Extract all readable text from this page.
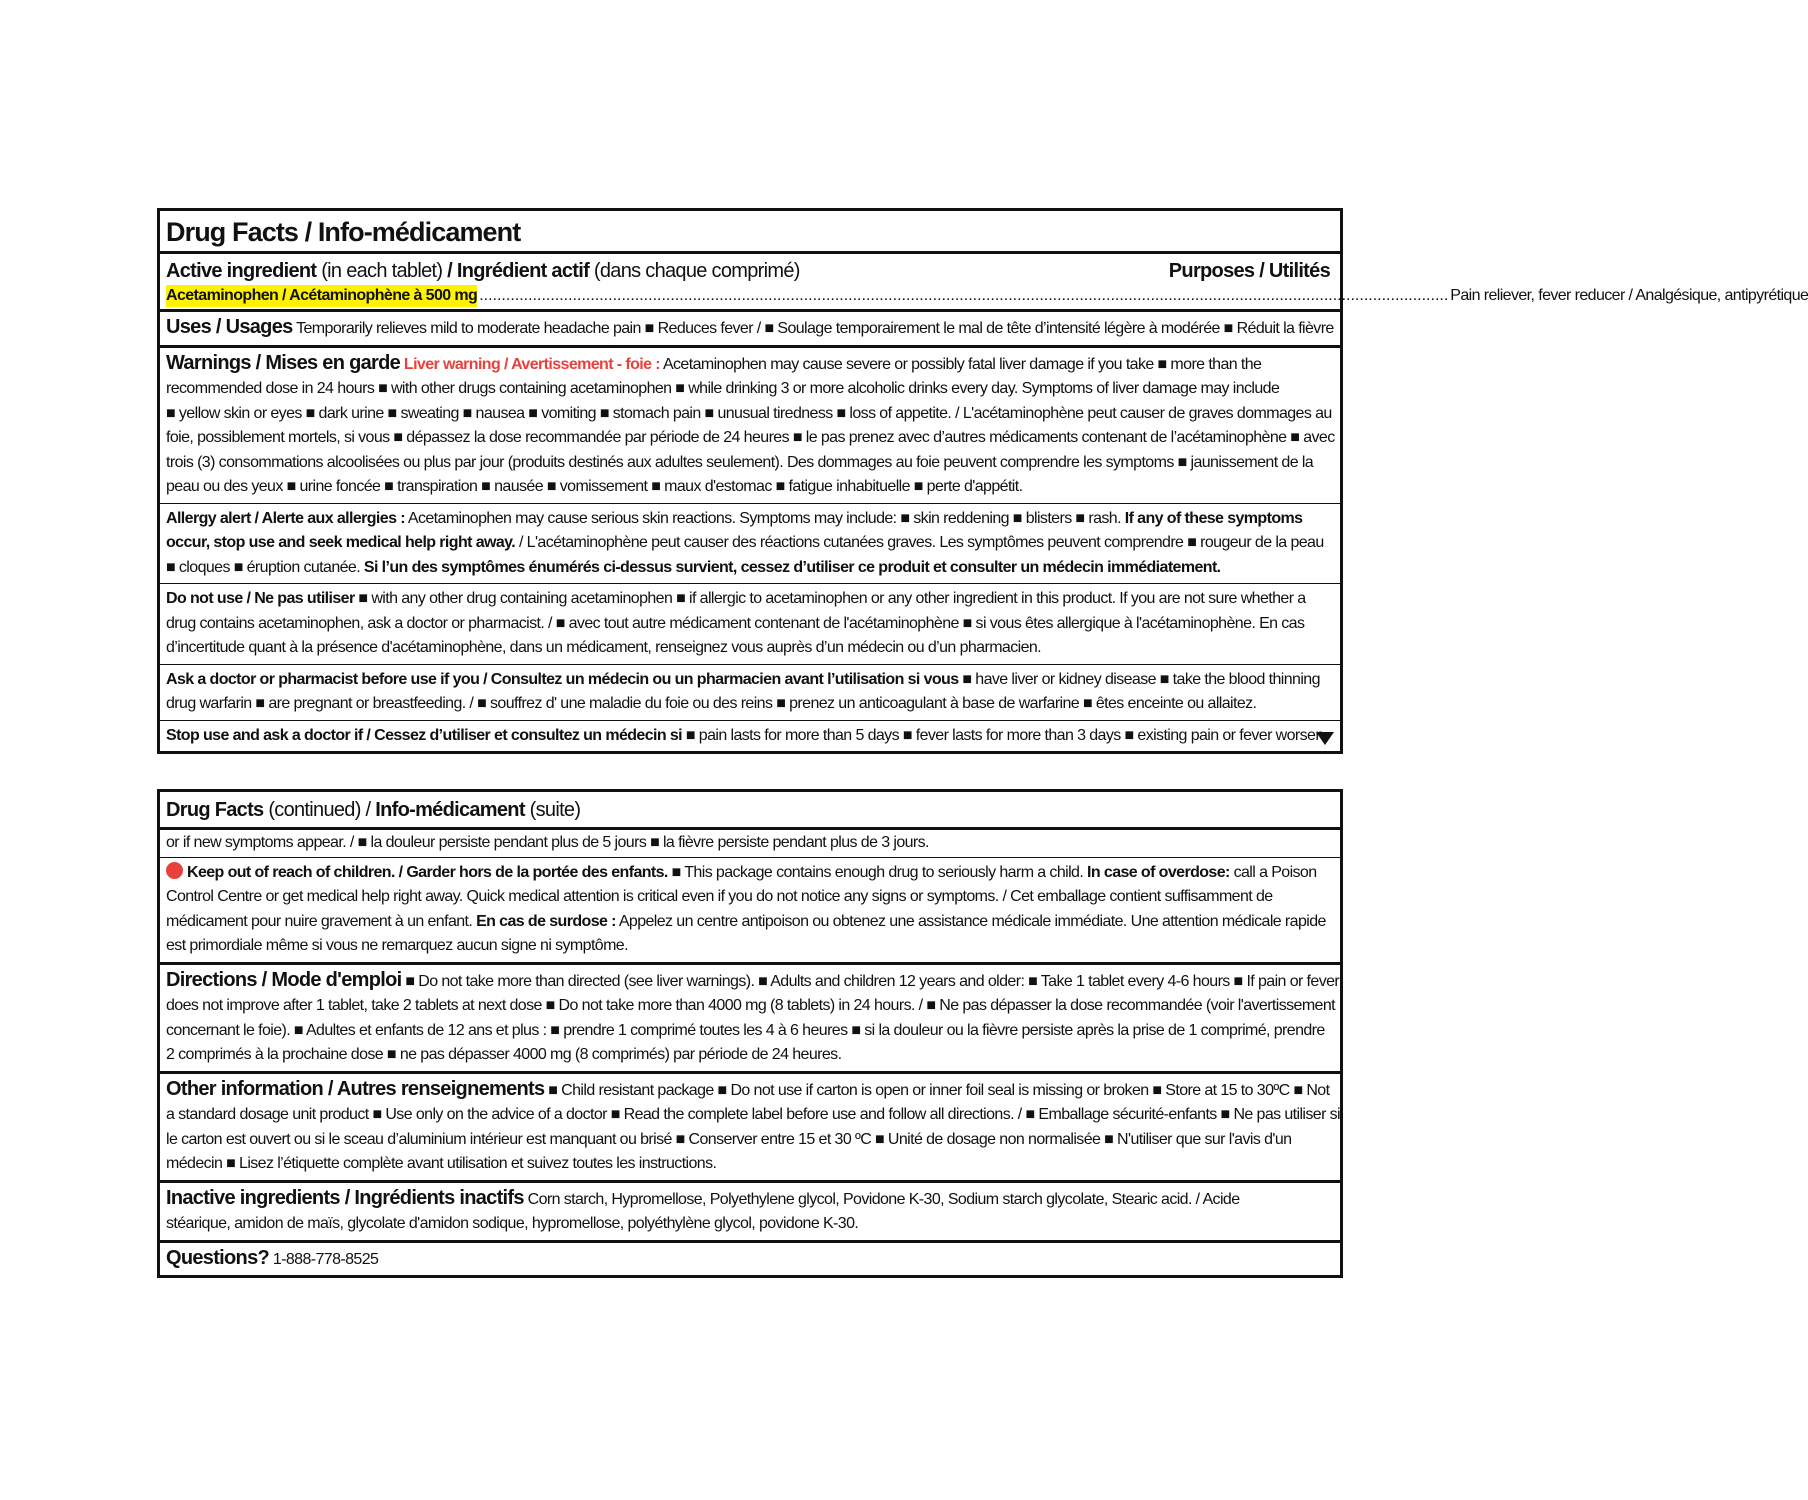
Drug Facts / Info-médicament
Active ingredient (in each tablet) / Ingrédient actif (dans chaque comprimé)	Purposes / Utilités
Acetaminophen / Acétaminophène à 500 mg .......................................................................................................................................................................................................................... Pain reliever, fever reducer / Analgésique, antipyrétique
Uses / Usages Temporarily relieves mild to moderate headache pain ■ Reduces fever / ■ Soulage temporairement le mal de tête d’intensité légère à modérée ■ Réduit la fièvre
Warnings / Mises en garde Liver warning / Avertissement - foie : Acetaminophen may cause severe or possibly fatal liver damage if you take ■ more than the
recommended dose in 24 hours ■ with other drugs containing acetaminophen ■ while drinking 3 or more alcoholic drinks every day. Symptoms of liver damage may include
■ yellow skin or eyes ■ dark urine ■ sweating ■ nausea ■ vomiting ■ stomach pain ■ unusual tiredness ■ loss of appetite. / L'acétaminophène peut causer de graves dommages au
foie, possiblement mortels, si vous ■ dépassez la dose recommandée par période de 24 heures ■ le pas prenez avec d’autres médicaments contenant de l’acétaminophène ■ avec
trois (3) consommations alcoolisées ou plus par jour (produits destinés aux adultes seulement). Des dommages au foie peuvent comprendre les symptoms ■ jaunissement de la
peau ou des yeux ■ urine foncée ■ transpiration ■ nausée ■ vomissement ■ maux d'estomac ■ fatigue inhabituelle ■ perte d'appétit.
Allergy alert / Alerte aux allergies : Acetaminophen may cause serious skin reactions. Symptoms may include: ■ skin reddening ■ blisters ■ rash. If any of these symptoms
occur, stop use and seek medical help right away. / L'acétaminophène peut causer des réactions cutanées graves. Les symptômes peuvent comprendre ■ rougeur de la peau
■ cloques ■ éruption cutanée. Si l’un des symptômes énumérés ci-dessus survient, cessez d’utiliser ce produit et consulter un médecin immédiatement.
Do not use / Ne pas utiliser ■ with any other drug containing acetaminophen ■ if allergic to acetaminophen or any other ingredient in this product. If you are not sure whether a
drug contains acetaminophen, ask a doctor or pharmacist. / ■ avec tout autre médicament contenant de l'acétaminophène ■ si vous êtes allergique à l'acétaminophène. En cas
d’incertitude quant à la présence d'acétaminophène, dans un médicament, renseignez vous auprès d’un médecin ou d’un pharmacien.
Ask a doctor or pharmacist before use if you / Consultez un médecin ou un pharmacien avant l’utilisation si vous ■ have liver or kidney disease ■ take the blood thinning
drug warfarin ■ are pregnant or breastfeeding. / ■ souffrez d' une maladie du foie ou des reins ■ prenez un anticoagulant à base de warfarine ■ êtes enceinte ou allaitez.
Stop use and ask a doctor if / Cessez d’utiliser et consultez un médecin si ■ pain lasts for more than 5 days ■ fever lasts for more than 3 days ■ existing pain or fever worsen
Drug Facts (continued) / Info-médicament (suite)
or if new symptoms appear. / ■ la douleur persiste pendant plus de 5 jours ■ la fièvre persiste pendant plus de 3 jours.
Keep out of reach of children. / Garder hors de la portée des enfants. ■ This package contains enough drug to seriously harm a child. In case of overdose: call a Poison
Control Centre or get medical help right away. Quick medical attention is critical even if you do not notice any signs or symptoms. / Cet emballage contient suffisamment de
médicament pour nuire gravement à un enfant. En cas de surdose : Appelez un centre antipoison ou obtenez une assistance médicale immédiate. Une attention médicale rapide
est primordiale même si vous ne remarquez aucun signe ni symptôme.
Directions / Mode d'emploi ■ Do not take more than directed (see liver warnings). ■ Adults and children 12 years and older: ■ Take 1 tablet every 4-6 hours ■ If pain or fever
does not improve after 1 tablet, take 2 tablets at next dose ■ Do not take more than 4000 mg (8 tablets) in 24 hours. / ■ Ne pas dépasser la dose recommandée (voir l'avertissement
concernant le foie). ■ Adultes et enfants de 12 ans et plus : ■ prendre 1 comprimé toutes les 4 à 6 heures ■ si la douleur ou la fièvre persiste après la prise de 1 comprimé, prendre
2 comprimés à la prochaine dose ■ ne pas dépasser 4000 mg (8 comprimés) par période de 24 heures.
Other information / Autres renseignements ■ Child resistant package ■ Do not use if carton is open or inner foil seal is missing or broken ■ Store at 15 to 30ºC ■ Not
a standard dosage unit product ■ Use only on the advice of a doctor ■ Read the complete label before use and follow all directions. / ■ Emballage sécurité-enfants ■ Ne pas utiliser si
le carton est ouvert ou si le sceau d’aluminium intérieur est manquant ou brisé ■ Conserver entre 15 et 30 ºC ■ Unité de dosage non normalisée ■ N'utiliser que sur l'avis d'un
médecin ■ Lisez l’étiquette complète avant utilisation et suivez toutes les instructions.
Inactive ingredients / Ingrédients inactifs Corn starch, Hypromellose, Polyethylene glycol, Povidone K-30, Sodium starch glycolate, Stearic acid. / Acide
stéarique, amidon de maïs, glycolate d'amidon sodique, hypromellose, polyéthylène glycol, povidone K-30.
Questions? 1-888-778-8525
